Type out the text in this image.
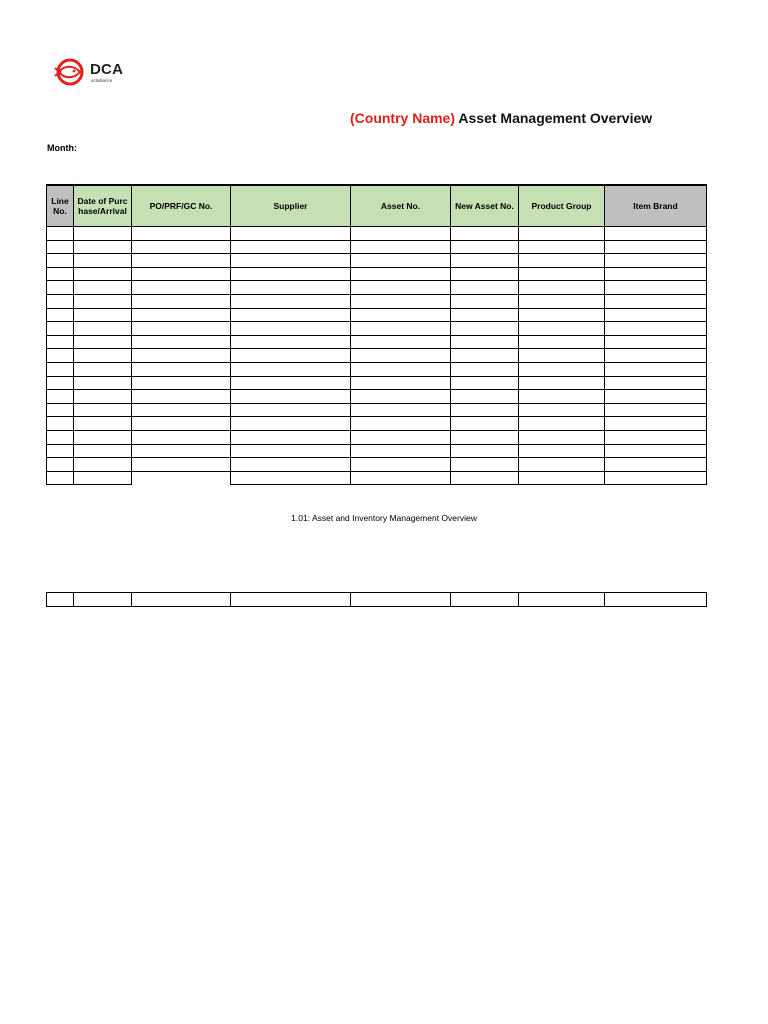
DCA
actalliance
(Country Name) Asset Management Overview
Month:
Line No.	Date of Purchase/Arrival	PO/PRF/GC No.	Supplier	Asset No.	New Asset No.	Product Group	Item Brand

1.01: Asset and Inventory Management Overview
